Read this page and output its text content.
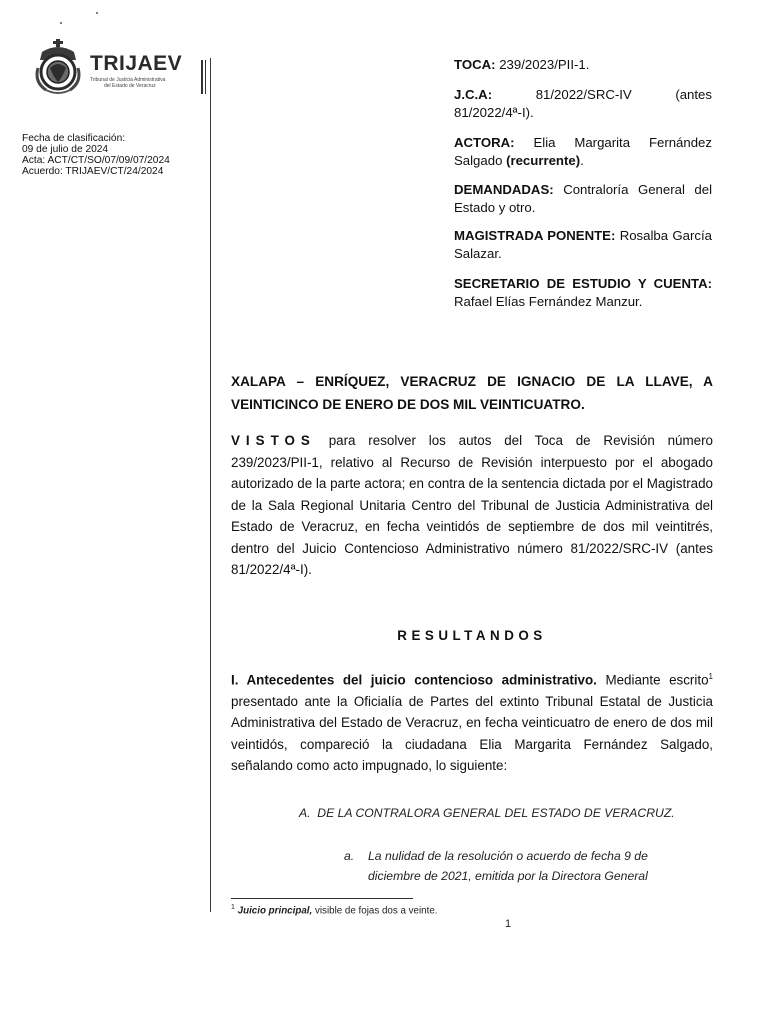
TRIJAEV
Tribunal de Justicia Administrativa
del Estado de Veracruz
Fecha de clasificación:
09 de julio de 2024
Acta: ACT/CT/SO/07/09/07/2024
Acuerdo: TRIJAEV/CT/24/2024
TOCA: 239/2023/PII-1.
J.C.A:	81/2022/SRC-IV	(antes
81/2022/4ª-I).
ACTORA: Elia Margarita Fernández Salgado (recurrente).
DEMANDADAS: Contraloría General del Estado y otro.
MAGISTRADA PONENTE: Rosalba García Salazar.
SECRETARIO DE ESTUDIO Y CUENTA: Rafael Elías Fernández Manzur.
XALAPA – ENRÍQUEZ, VERACRUZ DE IGNACIO DE LA LLAVE, A VEINTICINCO DE ENERO DE DOS MIL VEINTICUATRO.
VISTOS para resolver los autos del Toca de Revisión número 239/2023/PII-1, relativo al Recurso de Revisión interpuesto por el abogado autorizado de la parte actora; en contra de la sentencia dictada por el Magistrado de la Sala Regional Unitaria Centro del Tribunal de Justicia Administrativa del Estado de Veracruz, en fecha veintidós de septiembre de dos mil veintitrés, dentro del Juicio Contencioso Administrativo número 81/2022/SRC-IV (antes 81/2022/4ª-I).
RESULTANDOS
I. Antecedentes del juicio contencioso administrativo. Mediante escrito$^1$ presentado ante la Oficialía de Partes del extinto Tribunal Estatal de Justicia Administrativa del Estado de Veracruz, en fecha veinticuatro de enero de dos mil veintidós, compareció la ciudadana Elia Margarita Fernández Salgado, señalando como acto impugnado, lo siguiente:
A. DE LA CONTRALORA GENERAL DEL ESTADO DE VERACRUZ.
a. La nulidad de la resolución o acuerdo de fecha 9 de
diciembre de 2021, emitida por la Directora General
$^1$ Juicio principal, visible de fojas dos a veinte.
1
